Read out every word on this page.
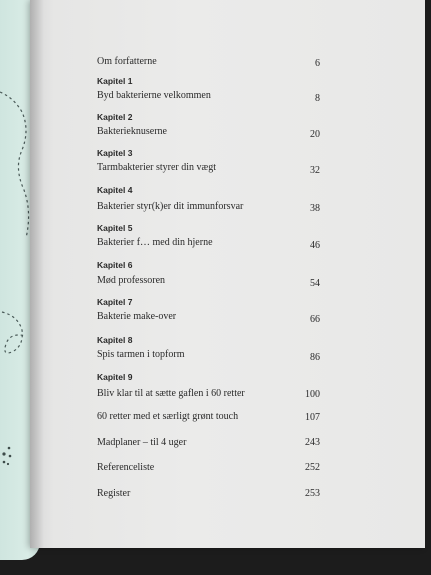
Om forfatterne	6
Kapitel 1
Byd bakterierne velkommen	8
Kapitel 2
Bakterieknuserne	20
Kapitel 3
Tarmbakterier styrer din vægt	32
Kapitel 4
Bakterier styr(k)er dit immunforsvar	38
Kapitel 5
Bakterier f… med din hjerne	46
Kapitel 6
Mød professoren	54
Kapitel 7
Bakterie make-over	66
Kapitel 8
Spis tarmen i topform	86
Kapitel 9
Bliv klar til at sætte gaflen i 60 retter	100
60 retter med et særligt grønt touch	107
Madplaner – til 4 uger	243
Referenceliste	252
Register	253
